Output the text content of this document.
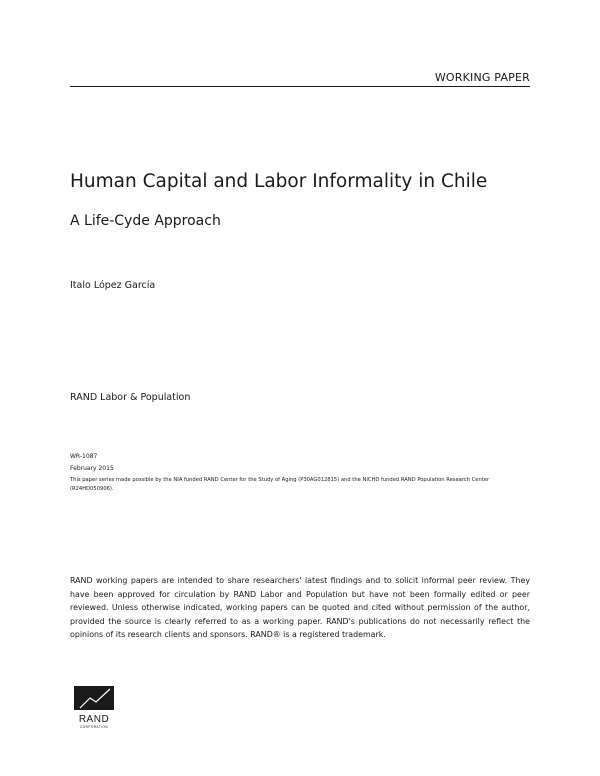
WORKING PAPER
Human Capital and Labor Informality in Chile
A Life-Cyde Approach
Italo López García
RAND Labor & Population
WR-1087
February 2015
This paper series made possible by the NIA funded RAND Center for the Study of Aging (P30AG012815) and the NICHD funded RAND Population Research Center (R24HD050906).
RAND working papers are intended to share researchers' latest findings and to solicit informal peer review. They have been approved for circulation by RAND Labor and Population but have not been formally edited or peer reviewed. Unless otherwise indicated, working papers can be quoted and cited without permission of the author, provided the source is clearly referred to as a working paper. RAND's publications do not necessarily reflect the opinions of its research clients and sponsors. RAND® is a registered trademark.
RAND
CORPORATION
